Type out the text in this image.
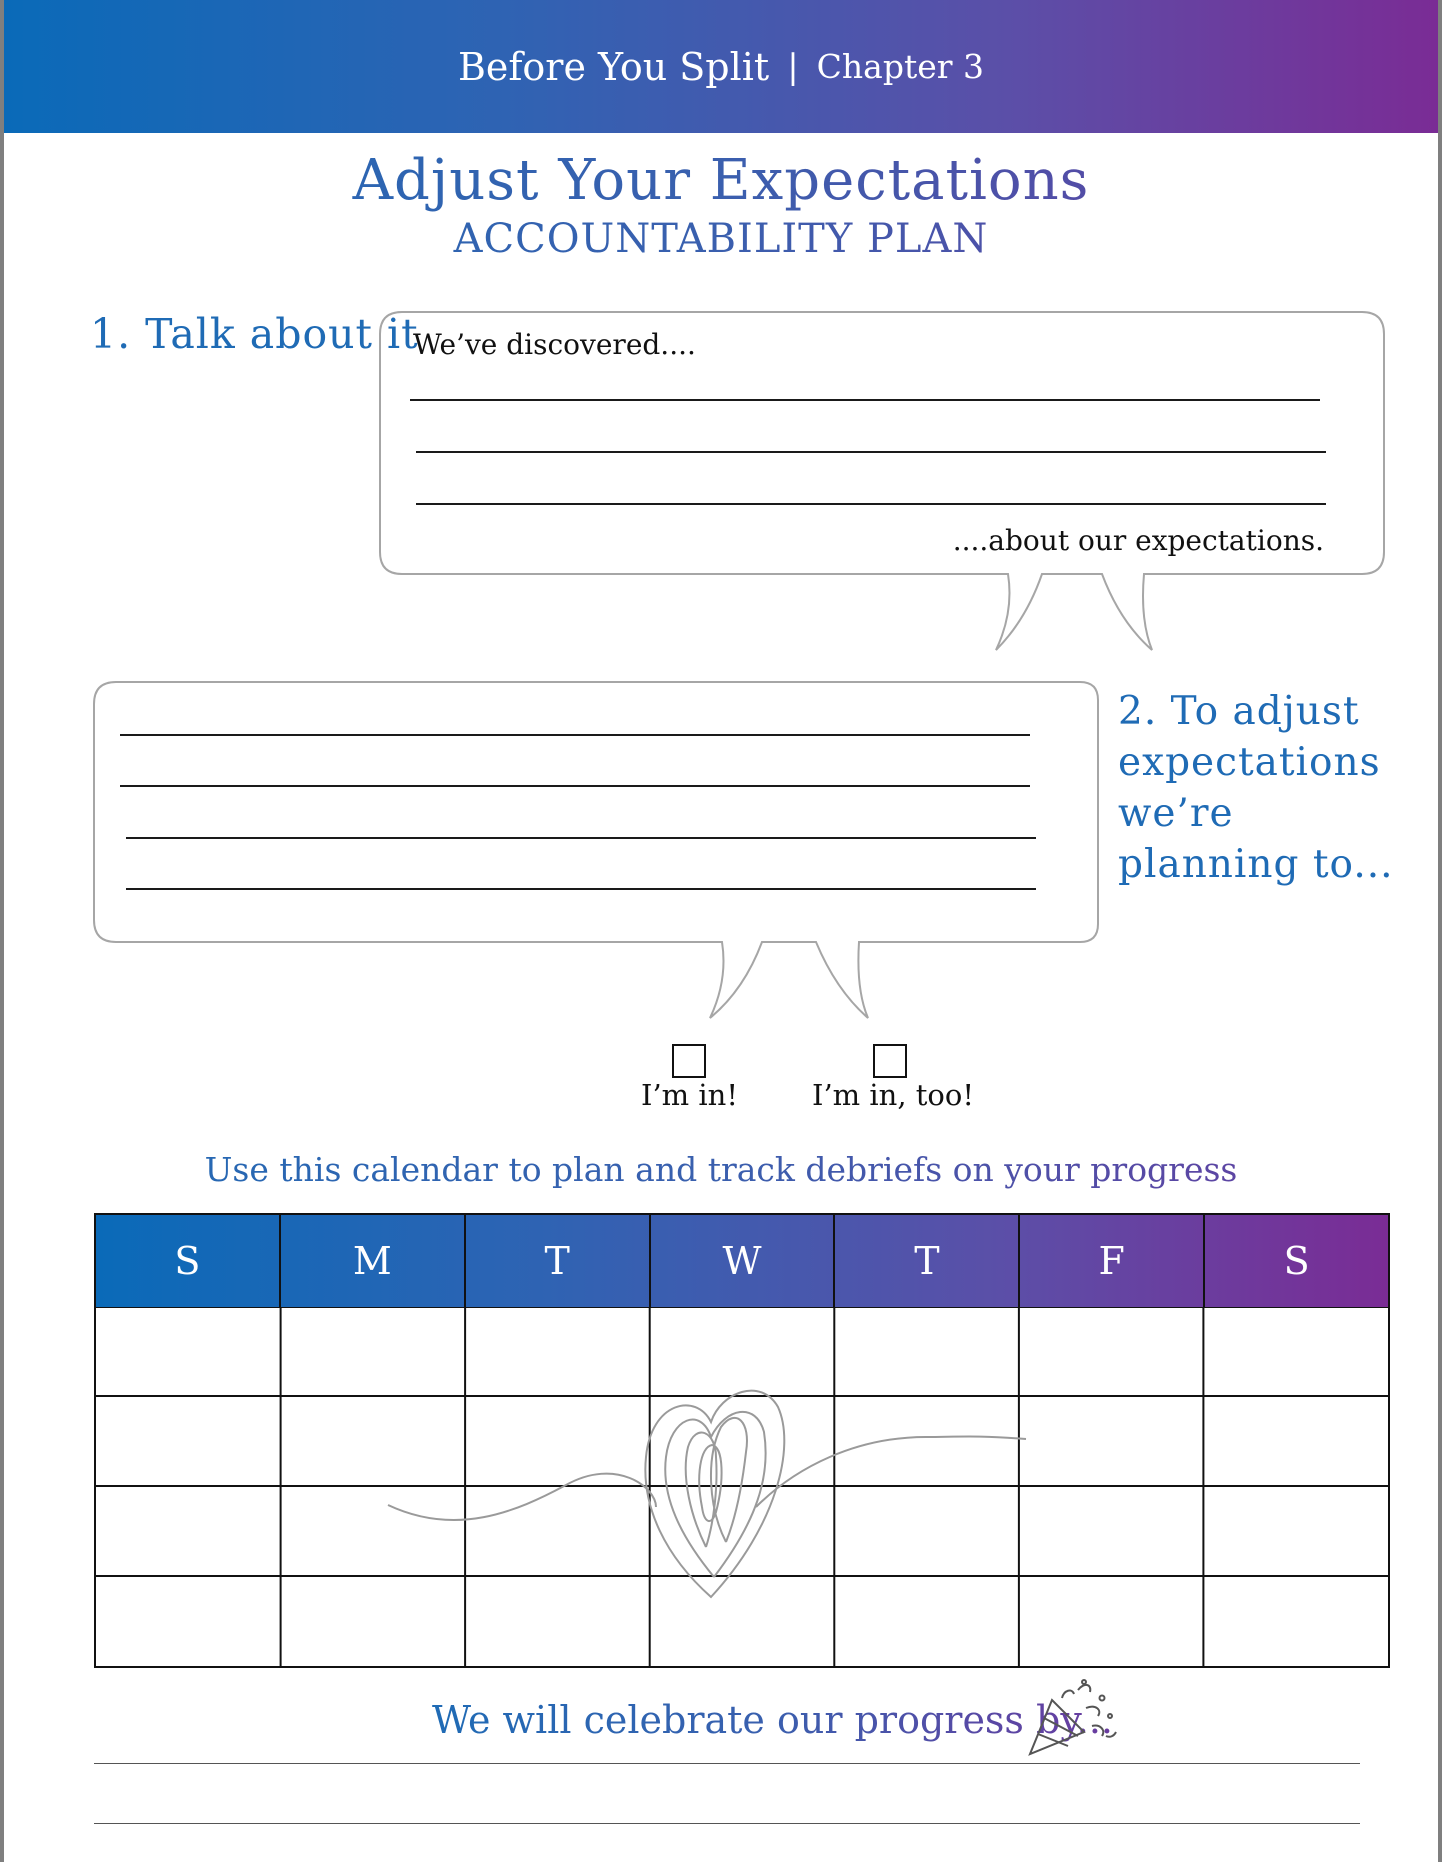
Before You Split | Chapter 3
Adjust Your Expectations
ACCOUNTABILITY PLAN
1. Talk about it
We’ve discovered....
....about our expectations.
2. To adjust expectations we’re planning to...
I’m in!	I’m in, too!
Use this calendar to plan and track debriefs on your progress
S	M	T	W	T	F	S
We will celebrate our progress by...
